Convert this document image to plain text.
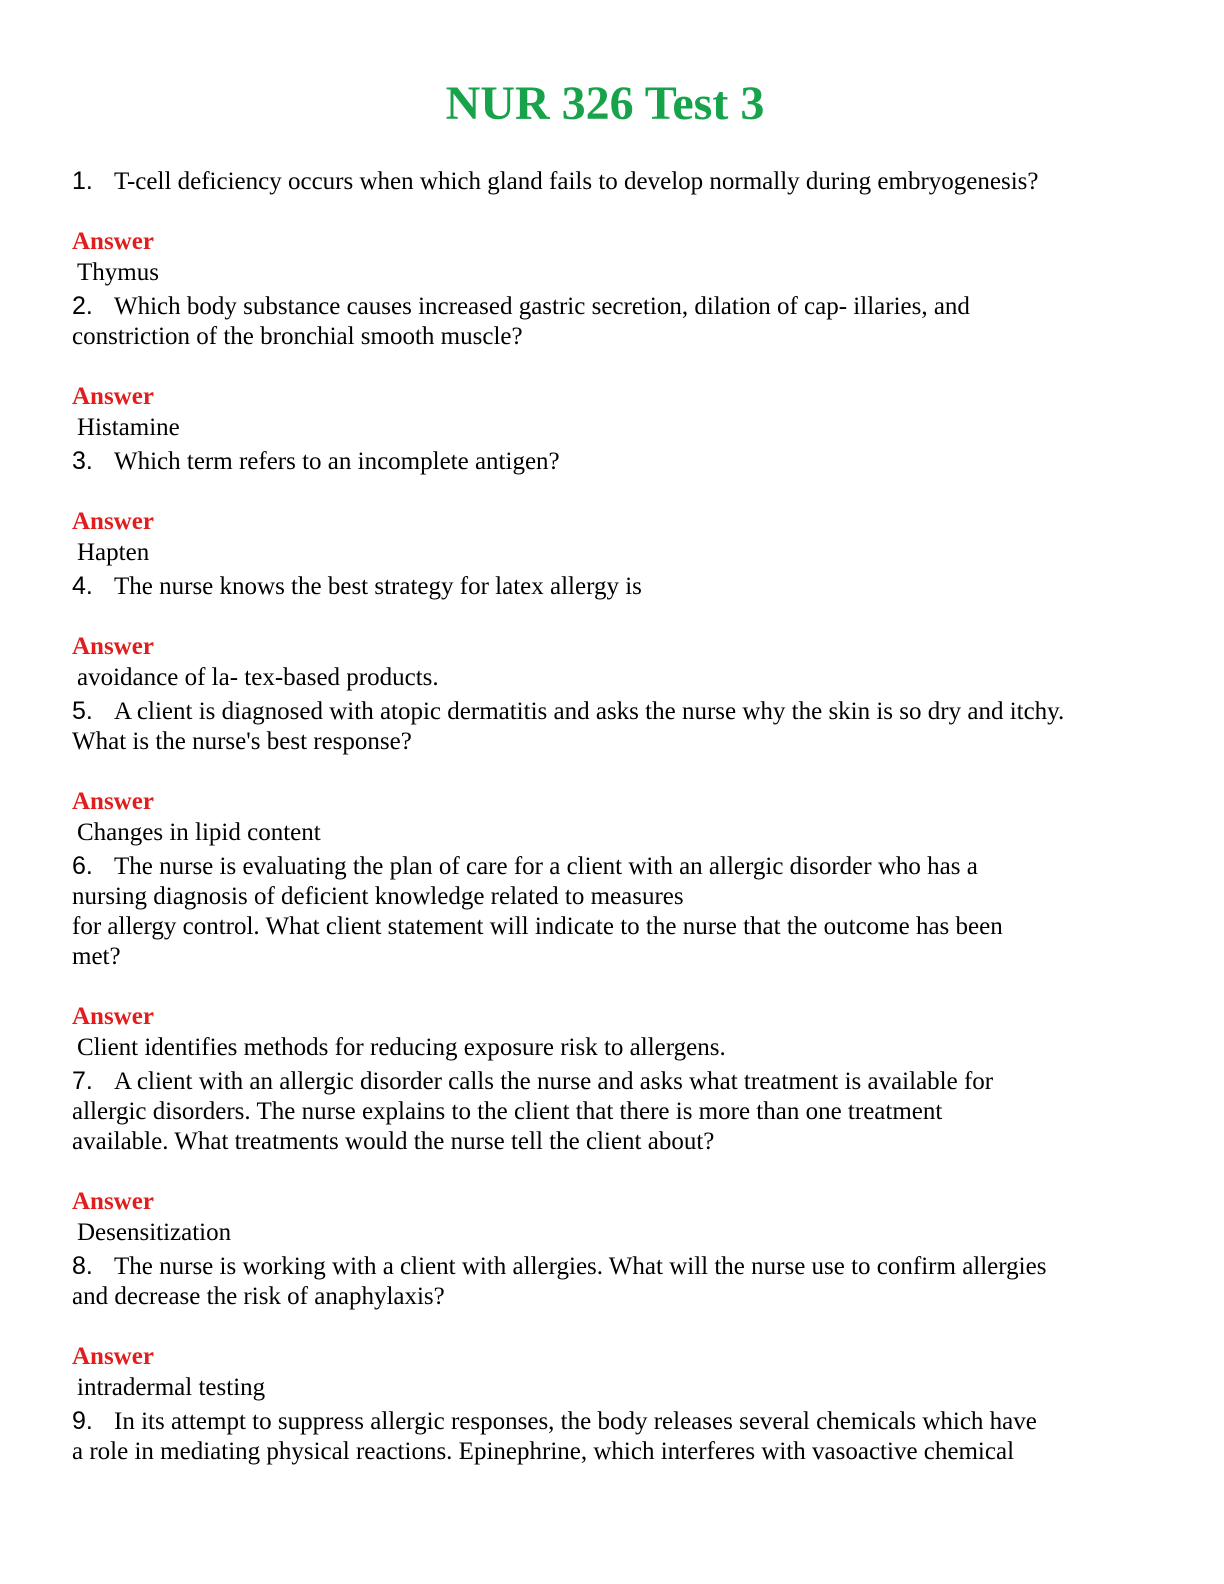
NUR 326 Test 3
1. T-cell deficiency occurs when which gland fails to develop normally during embryogenesis?
Answer
Thymus
2. Which body substance causes increased gastric secretion, dilation of cap- illaries, and
constriction of the bronchial smooth muscle?
Answer
Histamine
3. Which term refers to an incomplete antigen?
Answer
Hapten
4. The nurse knows the best strategy for latex allergy is
Answer
avoidance of la- tex-based products.
5. A client is diagnosed with atopic dermatitis and asks the nurse why the skin is so dry and itchy.
What is the nurse's best response?
Answer
Changes in lipid content
6. The nurse is evaluating the plan of care for a client with an allergic disorder who has a
nursing diagnosis of deficient knowledge related to measures
for allergy control. What client statement will indicate to the nurse that the outcome has been
met?
Answer
Client identifies methods for reducing exposure risk to allergens.
7. A client with an allergic disorder calls the nurse and asks what treatment is available for
allergic disorders. The nurse explains to the client that there is more than one treatment
available. What treatments would the nurse tell the client about?
Answer
Desensitization
8. The nurse is working with a client with allergies. What will the nurse use to confirm allergies
and decrease the risk of anaphylaxis?
Answer
intradermal testing
9. In its attempt to suppress allergic responses, the body releases several chemicals which have
a role in mediating physical reactions. Epinephrine, which interferes with vasoactive chemical
